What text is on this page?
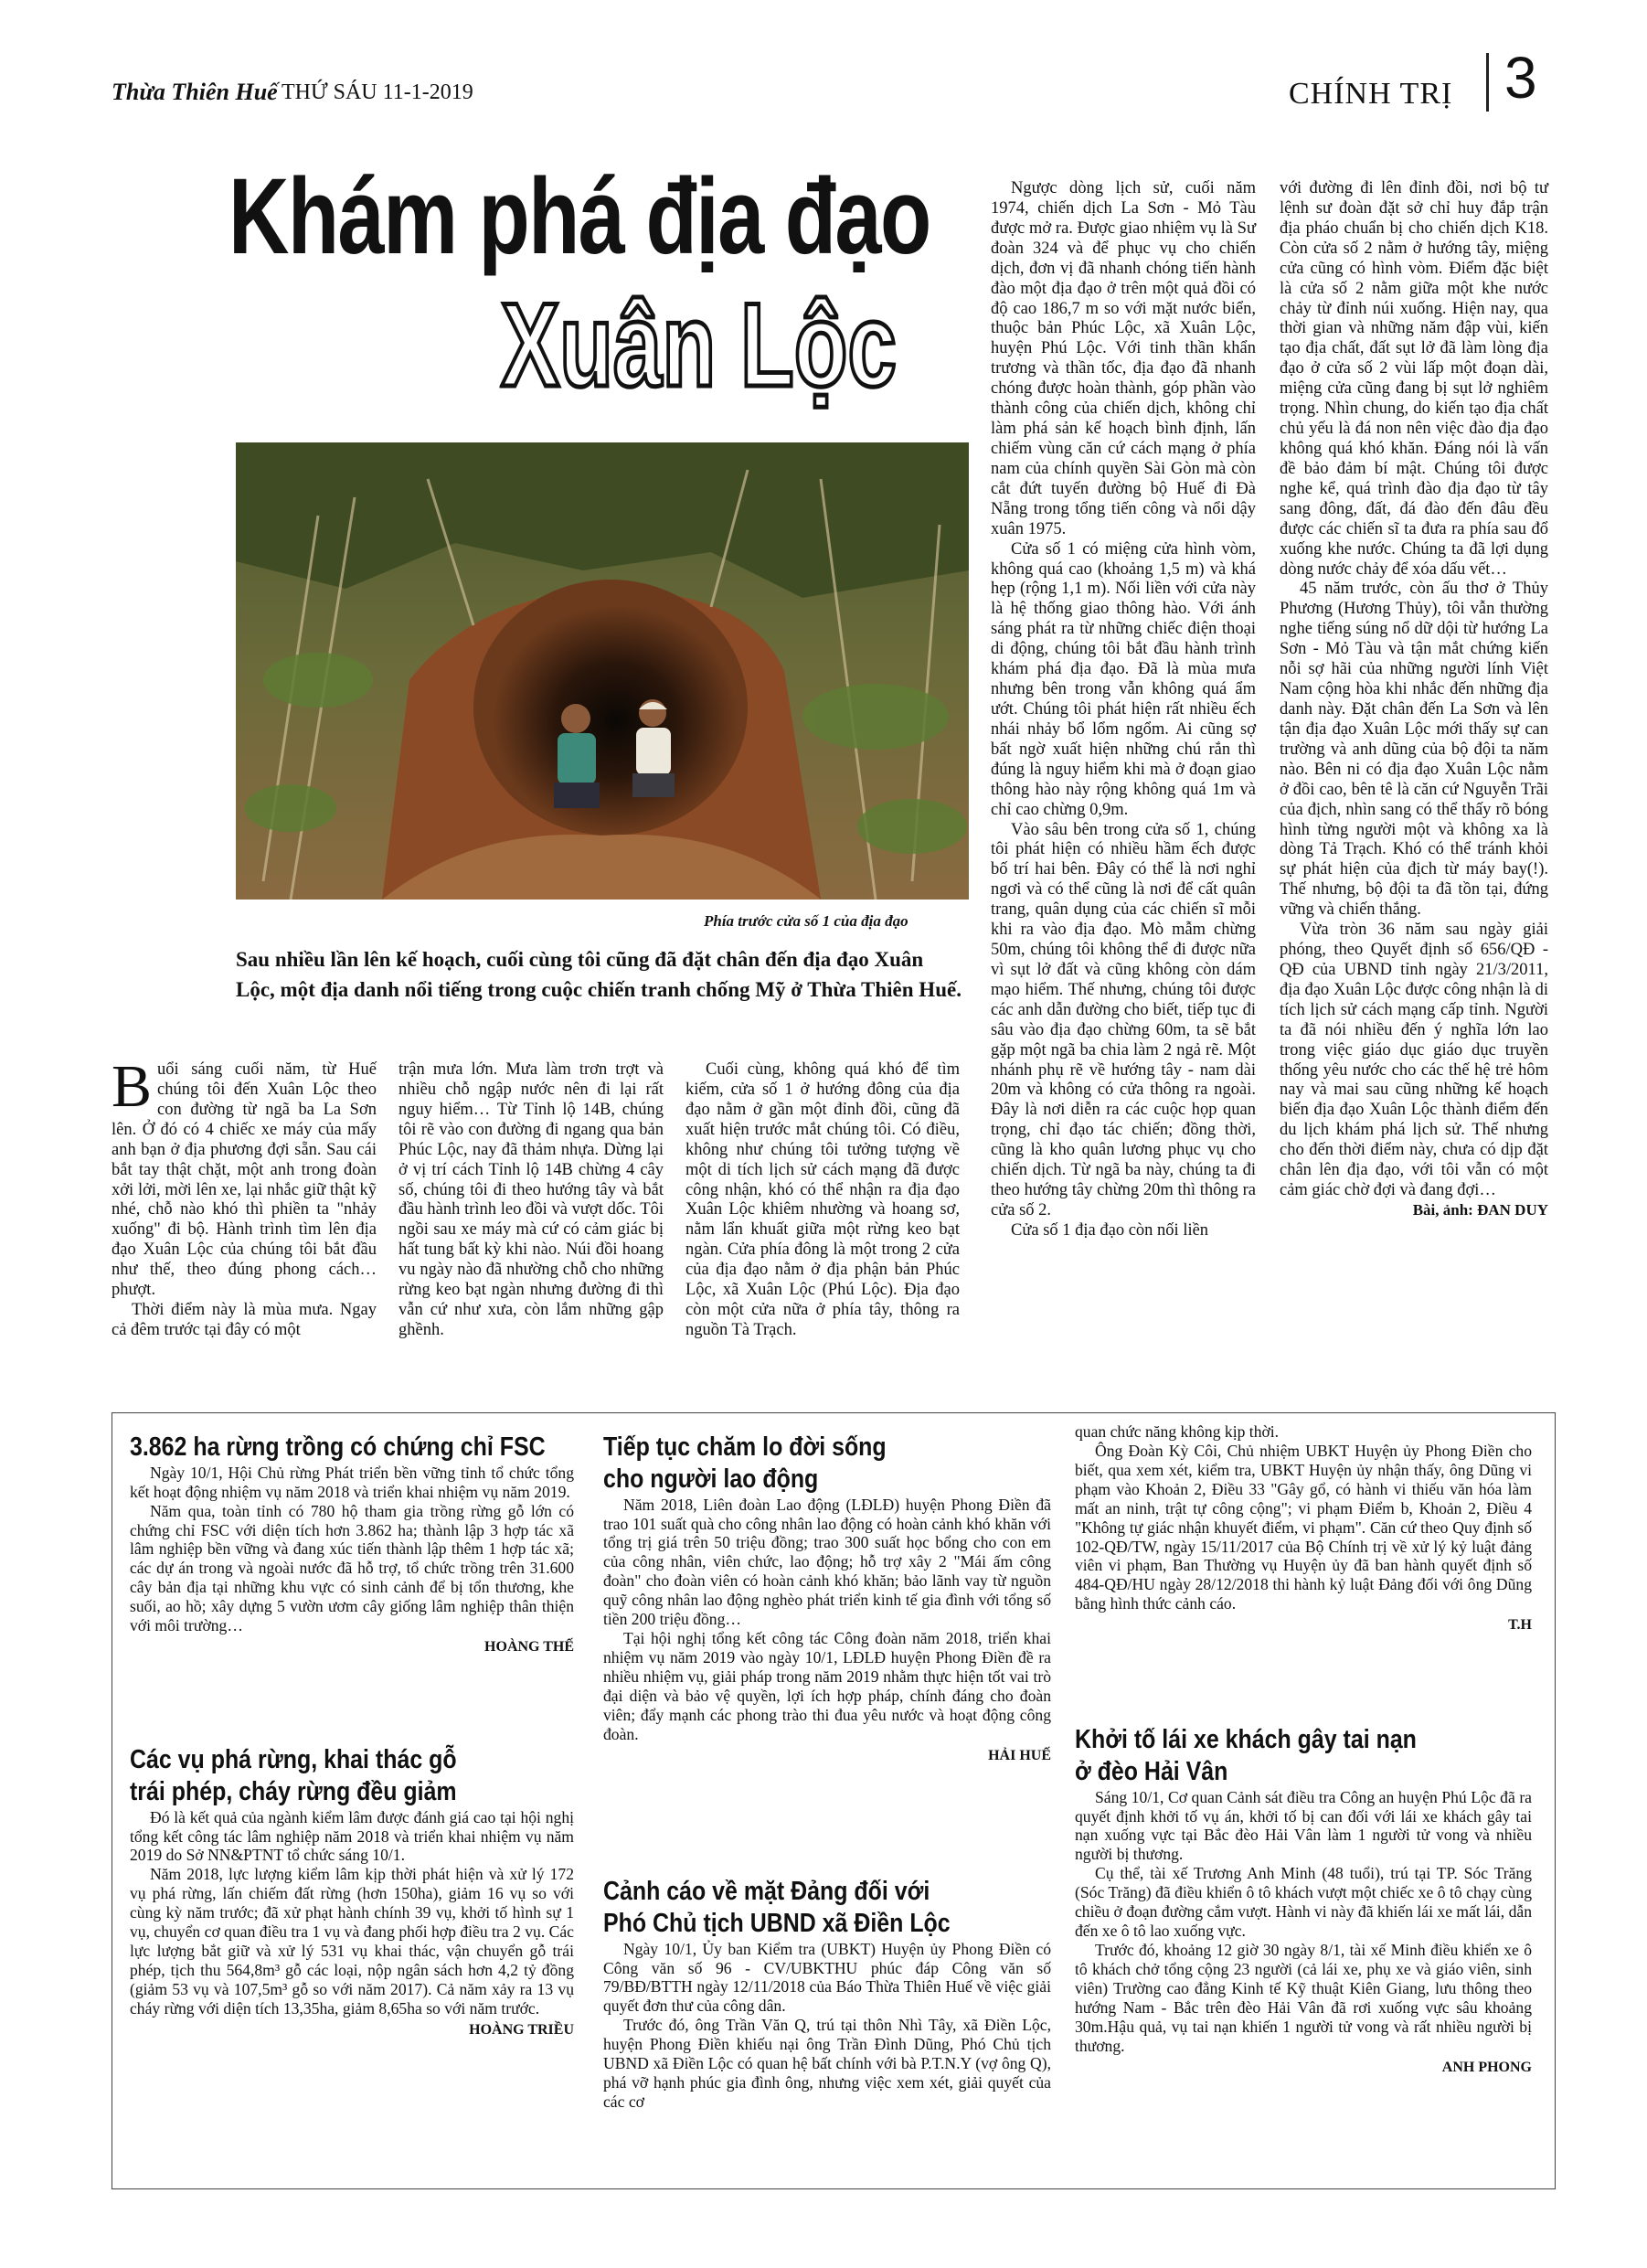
Thừa Thiên Huế THỨ SÁU 11-1-2019	CHÍNH TRỊ 3
Khám phá địa đạo
Xuân Lộc
Phía trước cửa số 1 của địa đạo
Sau nhiều lần lên kế hoạch, cuối cùng tôi cũng đã đặt chân đến địa đạo Xuân Lộc, một địa danh nổi tiếng trong cuộc chiến tranh chống Mỹ ở Thừa Thiên Huế.

Buổi sáng cuối năm, từ Huế chúng tôi đến Xuân Lộc theo con đường từ ngã ba La Sơn lên. Ở đó có 4 chiếc xe máy của mấy anh bạn ở địa phương đợi sẵn. Sau cái bắt tay thật chặt, một anh trong đoàn xởi lởi, mời lên xe, lại nhắc giữ thật kỹ nhé, chỗ nào khó thì phiền ta "nhảy xuống" đi bộ. Hành trình tìm lên địa đạo Xuân Lộc của chúng tôi bắt đầu như thế, theo đúng phong cách… phượt.

Thời điểm này là mùa mưa. Ngay cả đêm trước tại đây có một

trận mưa lớn. Mưa làm trơn trợt và nhiều chỗ ngập nước nên đi lại rất nguy hiểm… Từ Tỉnh lộ 14B, chúng tôi rẽ vào con đường đi ngang qua bản Phúc Lộc, nay đã thảm nhựa. Dừng lại ở vị trí cách Tỉnh lộ 14B chừng 4 cây số, chúng tôi đi theo hướng tây và bắt đầu hành trình leo đồi và vượt dốc. Tôi ngồi sau xe máy mà cứ có cảm giác bị hất tung bất kỳ khi nào. Núi đồi hoang vu ngày nào đã nhường chỗ cho những rừng keo bạt ngàn nhưng đường đi thì vẫn cứ như xưa, còn lắm những gập ghềnh.

Cuối cùng, không quá khó để tìm kiếm, cửa số 1 ở hướng đông của địa đạo nằm ở gần một đỉnh đồi, cũng đã xuất hiện trước mắt chúng tôi. Có điều, không như chúng tôi tưởng tượng về một di tích lịch sử cách mạng đã được công nhận, khó có thể nhận ra địa đạo Xuân Lộc khiêm nhường và hoang sơ, nằm lẩn khuất giữa một rừng keo bạt ngàn. Cửa phía đông là một trong 2 cửa của địa đạo nằm ở địa phận bản Phúc Lộc, xã Xuân Lộc (Phú Lộc). Địa đạo còn một cửa nữa ở phía tây, thông ra nguồn Tà Trạch.

Ngược dòng lịch sử, cuối năm 1974, chiến dịch La Sơn - Mỏ Tàu được mở ra. Được giao nhiệm vụ là Sư đoàn 324 và để phục vụ cho chiến dịch, đơn vị đã nhanh chóng tiến hành đào một địa đạo ở trên một quả đồi có độ cao 186,7 m so với mặt nước biển, thuộc bản Phúc Lộc, xã Xuân Lộc, huyện Phú Lộc. Với tinh thần khẩn trương và thần tốc, địa đạo đã nhanh chóng được hoàn thành, góp phần vào thành công của chiến dịch, không chỉ làm phá sản kế hoạch bình định, lấn chiếm vùng căn cứ cách mạng ở phía nam của chính quyền Sài Gòn mà còn cắt đứt tuyến đường bộ Huế đi Đà Nẵng trong tổng tiến công và nổi dậy xuân 1975.

Cửa số 1 có miệng cửa hình vòm, không quá cao (khoảng 1,5 m) và khá hẹp (rộng 1,1 m). Nối liền với cửa này là hệ thống giao thông hào. Với ánh sáng phát ra từ những chiếc điện thoại di động, chúng tôi bắt đầu hành trình khám phá địa đạo. Đã là mùa mưa nhưng bên trong vẫn không quá ẩm ướt. Chúng tôi phát hiện rất nhiều ếch nhái nhảy bổ lổm ngổm. Ai cũng sợ bất ngờ xuất hiện những chú rắn thì đúng là nguy hiểm khi mà ở đoạn giao thông hào này rộng không quá 1m và chỉ cao chừng 0,9m.

Vào sâu bên trong cửa số 1, chúng tôi phát hiện có nhiều hầm ếch được bố trí hai bên. Đây có thể là nơi nghỉ ngơi và có thể cũng là nơi để cất quân trang, quân dụng của các chiến sĩ mỗi khi ra vào địa đạo. Mò mẫm chừng 50m, chúng tôi không thể đi được nữa vì sụt lở đất và cũng không còn dám mạo hiểm. Thế nhưng, chúng tôi được các anh dẫn đường cho biết, tiếp tục đi sâu vào địa đạo chừng 60m, ta sẽ bắt gặp một ngã ba chia làm 2 ngả rẽ. Một nhánh phụ rẽ về hướng tây - nam dài 20m và không có cửa thông ra ngoài. Đây là nơi diễn ra các cuộc họp quan trọng, chỉ đạo tác chiến; đồng thời, cũng là kho quân lương phục vụ cho chiến dịch. Từ ngã ba này, chúng ta đi theo hướng tây chừng 20m thì thông ra cửa số 2.

Cửa số 1 địa đạo còn nối liền

với đường đi lên đỉnh đồi, nơi bộ tư lệnh sư đoàn đặt sở chỉ huy đắp trận địa pháo chuẩn bị cho chiến dịch K18. Còn cửa số 2 nằm ở hướng tây, miệng cửa cũng có hình vòm. Điểm đặc biệt là cửa số 2 nằm giữa một khe nước chảy từ đỉnh núi xuống. Hiện nay, qua thời gian và những năm đập vùi, kiến tạo địa chất, đất sụt lở đã làm lòng địa đạo ở cửa số 2 vùi lấp một đoạn dài, miệng cửa cũng đang bị sụt lở nghiêm trọng. Nhìn chung, do kiến tạo địa chất chủ yếu là đá non nên việc đào địa đạo không quá khó khăn. Đáng nói là vấn đề bảo đảm bí mật. Chúng tôi được nghe kể, quá trình đào địa đạo từ tây sang đông, đất, đá đào đến đâu đều được các chiến sĩ ta đưa ra phía sau đổ xuống khe nước. Chúng ta đã lợi dụng dòng nước chảy để xóa dấu vết…

45 năm trước, còn ấu thơ ở Thủy Phương (Hương Thủy), tôi vẫn thường nghe tiếng súng nổ dữ dội từ hướng La Sơn - Mỏ Tàu và tận mắt chứng kiến nỗi sợ hãi của những người lính Việt Nam cộng hòa khi nhắc đến những địa danh này. Đặt chân đến La Sơn và lên tận địa đạo Xuân Lộc mới thấy sự can trường và anh dũng của bộ đội ta năm nào. Bên ni có địa đạo Xuân Lộc nằm ở đồi cao, bên tê là căn cứ Nguyễn Trãi của địch, nhìn sang có thể thấy rõ bóng hình từng người một và không xa là dòng Tả Trạch. Khó có thể tránh khỏi sự phát hiện của địch từ máy bay(!). Thế nhưng, bộ đội ta đã tồn tại, đứng vững và chiến thắng.

Vừa tròn 36 năm sau ngày giải phóng, theo Quyết định số 656/QĐ - QĐ của UBND tỉnh ngày 21/3/2011, địa đạo Xuân Lộc được công nhận là di tích lịch sử cách mạng cấp tỉnh. Người ta đã nói nhiều đến ý nghĩa lớn lao trong việc giáo dục giáo dục truyền thống yêu nước cho các thế hệ trẻ hôm nay và mai sau cũng những kế hoạch biến địa đạo Xuân Lộc thành điểm đến du lịch khám phá lịch sử. Thế nhưng cho đến thời điểm này, chưa có dịp đặt chân lên địa đạo, với tôi vẫn có một cảm giác chờ đợi và đang đợi…

Bài, ảnh: ĐAN DUY
3.862 ha rừng trồng có chứng chỉ FSC

Ngày 10/1, Hội Chủ rừng Phát triển bền vững tỉnh tổ chức tổng kết hoạt động nhiệm vụ năm 2018 và triển khai nhiệm vụ năm 2019.

Năm qua, toàn tỉnh có 780 hộ tham gia trồng rừng gỗ lớn có chứng chỉ FSC với diện tích hơn 3.862 ha; thành lập 3 hợp tác xã lâm nghiệp bền vững và đang xúc tiến thành lập thêm 1 hợp tác xã; các dự án trong và ngoài nước đã hỗ trợ, tổ chức trồng trên 31.600 cây bản địa tại những khu vực có sinh cảnh để bị tổn thương, khe suối, ao hồ; xây dựng 5 vườn ươm cây giống lâm nghiệp thân thiện với môi trường…

HOÀNG THẾ
Các vụ phá rừng, khai thác gỗ
trái phép, cháy rừng đều giảm

Đó là kết quả của ngành kiểm lâm được đánh giá cao tại hội nghị tổng kết công tác lâm nghiệp năm 2018 và triển khai nhiệm vụ năm 2019 do Sở NN&PTNT tổ chức sáng 10/1.

Năm 2018, lực lượng kiểm lâm kịp thời phát hiện và xử lý 172 vụ phá rừng, lấn chiếm đất rừng (hơn 150ha), giảm 16 vụ so với cùng kỳ năm trước; đã xử phạt hành chính 39 vụ, khởi tố hình sự 1 vụ, chuyển cơ quan điều tra 1 vụ và đang phối hợp điều tra 2 vụ. Các lực lượng bắt giữ và xử lý 531 vụ khai thác, vận chuyển gỗ trái phép, tịch thu 564,8m³ gỗ các loại, nộp ngân sách hơn 4,2 tỷ đồng (giảm 53 vụ và 107,5m³ gỗ so với năm 2017). Cả năm xảy ra 13 vụ cháy rừng với diện tích 13,35ha, giảm 8,65ha so với năm trước.

HOÀNG TRIỀU
Tiếp tục chăm lo đời sống
cho người lao động

Năm 2018, Liên đoàn Lao động (LĐLĐ) huyện Phong Điền đã trao 101 suất quà cho công nhân lao động có hoàn cảnh khó khăn với tổng trị giá trên 50 triệu đồng; trao 300 suất học bổng cho con em của công nhân, viên chức, lao động; hỗ trợ xây 2 "Mái ấm công đoàn" cho đoàn viên có hoàn cảnh khó khăn; bảo lãnh vay từ nguồn quỹ công nhân lao động nghèo phát triển kinh tế gia đình với tổng số tiền 200 triệu đồng…

Tại hội nghị tổng kết công tác Công đoàn năm 2018, triển khai nhiệm vụ năm 2019 vào ngày 10/1, LĐLĐ huyện Phong Điền đề ra nhiều nhiệm vụ, giải pháp trong năm 2019 nhằm thực hiện tốt vai trò đại diện và bảo vệ quyền, lợi ích hợp pháp, chính đáng cho đoàn viên; đẩy mạnh các phong trào thi đua yêu nước và hoạt động công đoàn.

HẢI HUẾ
Cảnh cáo về mặt Đảng đối với
Phó Chủ tịch UBND xã Điền Lộc

Ngày 10/1, Ủy ban Kiểm tra (UBKT) Huyện ủy Phong Điền có Công văn số 96 - CV/UBKTHU phúc đáp Công văn số 79/BĐ/BTTH ngày 12/11/2018 của Báo Thừa Thiên Huế về việc giải quyết đơn thư của công dân.

Trước đó, ông Trần Văn Q, trú tại thôn Nhì Tây, xã Điền Lộc, huyện Phong Điền khiếu nại ông Trần Đình Dũng, Phó Chủ tịch UBND xã Điền Lộc có quan hệ bất chính với bà P.T.N.Y (vợ ông Q), phá vỡ hạnh phúc gia đình ông, nhưng việc xem xét, giải quyết của các cơ

quan chức năng không kịp thời.

Ông Đoàn Kỳ Côi, Chủ nhiệm UBKT Huyện ủy Phong Điền cho biết, qua xem xét, kiểm tra, UBKT Huyện ủy nhận thấy, ông Dũng vi phạm vào Khoản 2, Điều 33 "Gây gổ, có hành vi thiếu văn hóa làm mất an ninh, trật tự công cộng"; vi phạm Điểm b, Khoản 2, Điều 4 "Không tự giác nhận khuyết điểm, vi phạm". Căn cứ theo Quy định số 102-QĐ/TW, ngày 15/11/2017 của Bộ Chính trị về xử lý kỷ luật đảng viên vi phạm, Ban Thường vụ Huyện ủy đã ban hành quyết định số 484-QĐ/HU ngày 28/12/2018 thi hành kỷ luật Đảng đối với ông Dũng bằng hình thức cảnh cáo.

T.H
Khởi tố lái xe khách gây tai nạn
ở đèo Hải Vân

Sáng 10/1, Cơ quan Cảnh sát điều tra Công an huyện Phú Lộc đã ra quyết định khởi tố vụ án, khởi tố bị can đối với lái xe khách gây tai nạn xuống vực tại Bắc đèo Hải Vân làm 1 người tử vong và nhiều người bị thương.

Cụ thể, tài xế Trương Anh Minh (48 tuổi), trú tại TP. Sóc Trăng (Sóc Trăng) đã điều khiển ô tô khách vượt một chiếc xe ô tô chạy cùng chiều ở đoạn đường cắm vượt. Hành vi này đã khiến lái xe mất lái, dẫn đến xe ô tô lao xuống vực.

Trước đó, khoảng 12 giờ 30 ngày 8/1, tài xế Minh điều khiển xe ô tô khách chở tổng cộng 23 người (cả lái xe, phụ xe và giáo viên, sinh viên) Trường cao đẳng Kinh tế Kỹ thuật Kiên Giang, lưu thông theo hướng Nam - Bắc trên đèo Hải Vân đã rơi xuống vực sâu khoảng 30m.Hậu quả, vụ tai nạn khiến 1 người tử vong và rất nhiều người bị thương.

ANH PHONG
